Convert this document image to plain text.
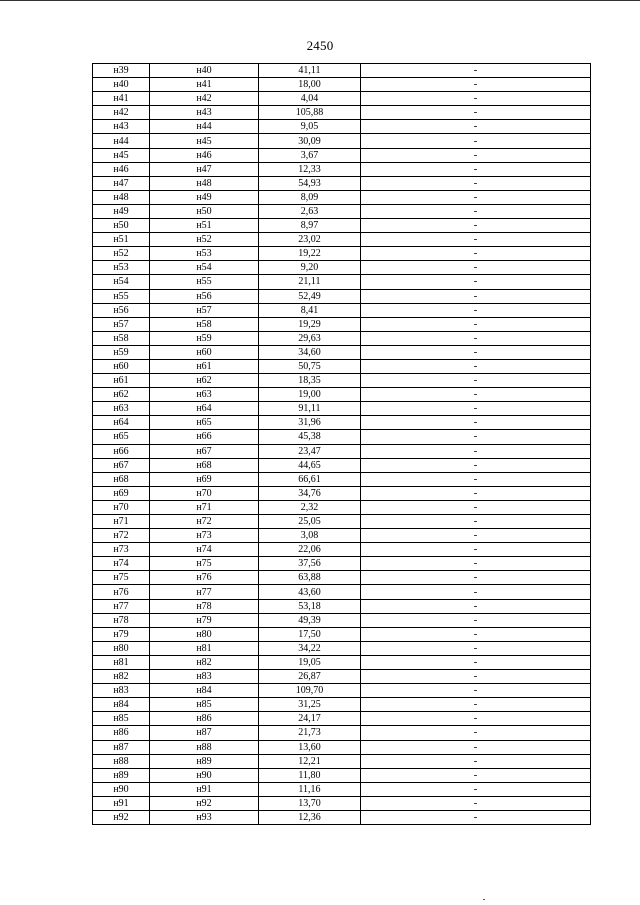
2450
н39	н40	41,11	-
н40	н41	18,00	-
н41	н42	4,04	-
н42	н43	105,88	-
н43	н44	9,05	-
н44	н45	30,09	-
н45	н46	3,67	-
н46	н47	12,33	-
н47	н48	54,93	-
н48	н49	8,09	-
н49	н50	2,63	-
н50	н51	8,97	-
н51	н52	23,02	-
н52	н53	19,22	-
н53	н54	9,20	-
н54	н55	21,11	-
н55	н56	52,49	-
н56	н57	8,41	-
н57	н58	19,29	-
н58	н59	29,63	-
н59	н60	34,60	-
н60	н61	50,75	-
н61	н62	18,35	-
н62	н63	19,00	-
н63	н64	91,11	-
н64	н65	31,96	-
н65	н66	45,38	-
н66	н67	23,47	-
н67	н68	44,65	-
н68	н69	66,61	-
н69	н70	34,76	-
н70	н71	2,32	-
н71	н72	25,05	-
н72	н73	3,08	-
н73	н74	22,06	-
н74	н75	37,56	-
н75	н76	63,88	-
н76	н77	43,60	-
н77	н78	53,18	-
н78	н79	49,39	-
н79	н80	17,50	-
н80	н81	34,22	-
н81	н82	19,05	-
н82	н83	26,87	-
н83	н84	109,70	-
н84	н85	31,25	-
н85	н86	24,17	-
н86	н87	21,73	-
н87	н88	13,60	-
н88	н89	12,21	-
н89	н90	11,80	-
н90	н91	11,16	-
н91	н92	13,70	-
н92	н93	12,36	-
